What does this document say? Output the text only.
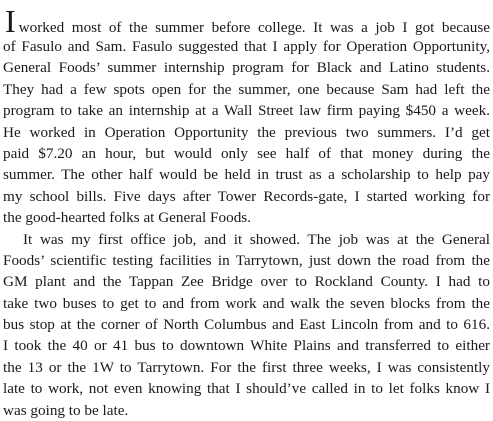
Iworked most of the summer before college. It was a job I got because
of Fasulo and Sam. Fasulo suggested that I apply for Operation Opportunity,
General Foods’ summer internship program for Black and Latino students.
They had a few spots open for the summer, one because Sam had left the
program to take an internship at a Wall Street law firm paying $450 a week.
He worked in Operation Opportunity the previous two summers. I’d get
paid $7.20 an hour, but would only see half of that money during the
summer. The other half would be held in trust as a scholarship to help pay
my school bills. Five days after Tower Records-gate, I started working for
the good-hearted folks at General Foods.
It was my first office job, and it showed. The job was at the General
Foods’ scientific testing facilities in Tarrytown, just down the road from the
GM plant and the Tappan Zee Bridge over to Rockland County. I had to
take two buses to get to and from work and walk the seven blocks from the
bus stop at the corner of North Columbus and East Lincoln from and to 616.
I took the 40 or 41 bus to downtown White Plains and transferred to either
the 13 or the 1W to Tarrytown. For the first three weeks, I was consistently
late to work, not even knowing that I should’ve called in to let folks know I
was going to be late.
